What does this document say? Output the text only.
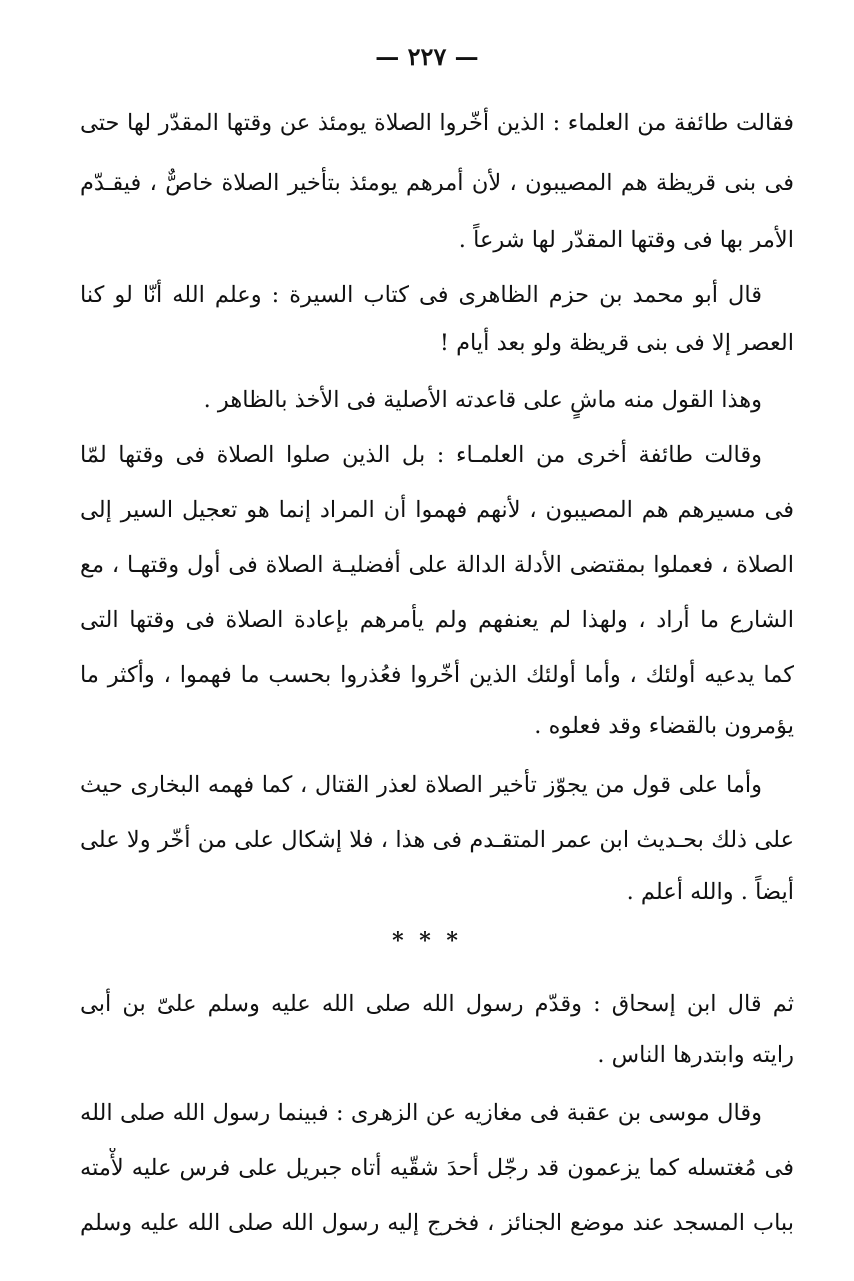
— ٢٢٧ —
فقالت طائفة من العلماء : الذين أخّروا الصلاة يومئذ عن وقتها المقدّر لها حتى
فى بنى قريظة هم المصيبون ، لأن أمرهم يومئذ بتأخير الصلاة خاصٌّ ، فيقـدّم
الأمر بها فى وقتها المقدّر لها شرعاً .
قال أبو محمد بن حزم الظاهرى فى كتاب السيرة : وعلم الله أنّا لو كنا
العصر إلا فى بنى قريظة ولو بعد أيام !
وهذا القول منه ماشٍ على قاعدته الأصلية فى الأخذ بالظاهر .
وقالت طائفة أخرى من العلمـاء : بل الذين صلوا الصلاة فى وقتها لمّا
فى مسيرهم هم المصيبون ، لأنهم فهموا أن المراد إنما هو تعجيل السير إلى
الصلاة ، فعملوا بمقتضى الأدلة الدالة على أفضليـة الصلاة فى أول وقتهـا ، مع
الشارع ما أراد ، ولهذا لم يعنفهم ولم يأمرهم بإعادة الصلاة فى وقتها التى
كما يدعيه أولئك ، وأما أولئك الذين أخّروا فعُذروا بحسب ما فهموا ، وأكثر ما
يؤمرون بالقضاء وقد فعلوه .
وأما على قول من يجوّز تأخير الصلاة لعذر القتال ، كما فهمه البخارى حيث
على ذلك بحـديث ابن عمر المتقـدم فى هذا ، فلا إشكال على من أخّر ولا على
أيضاً . والله أعلم .
* * *
ثم قال ابن إسحاق : وقدّم رسول الله صلى الله عليه وسلم علىّ بن أبى
رايته وابتدرها الناس .
وقال موسى بن عقبة فى مغازيه عن الزهرى : فبينما رسول الله صلى الله
فى مُغتسله كما يزعمون قد رجّل أحدَ شقّيه أتاه جبريل على فرس عليه لأْمته
بباب المسجد عند موضع الجنائز ، فخرج إليه رسول الله صلى الله عليه وسلم
